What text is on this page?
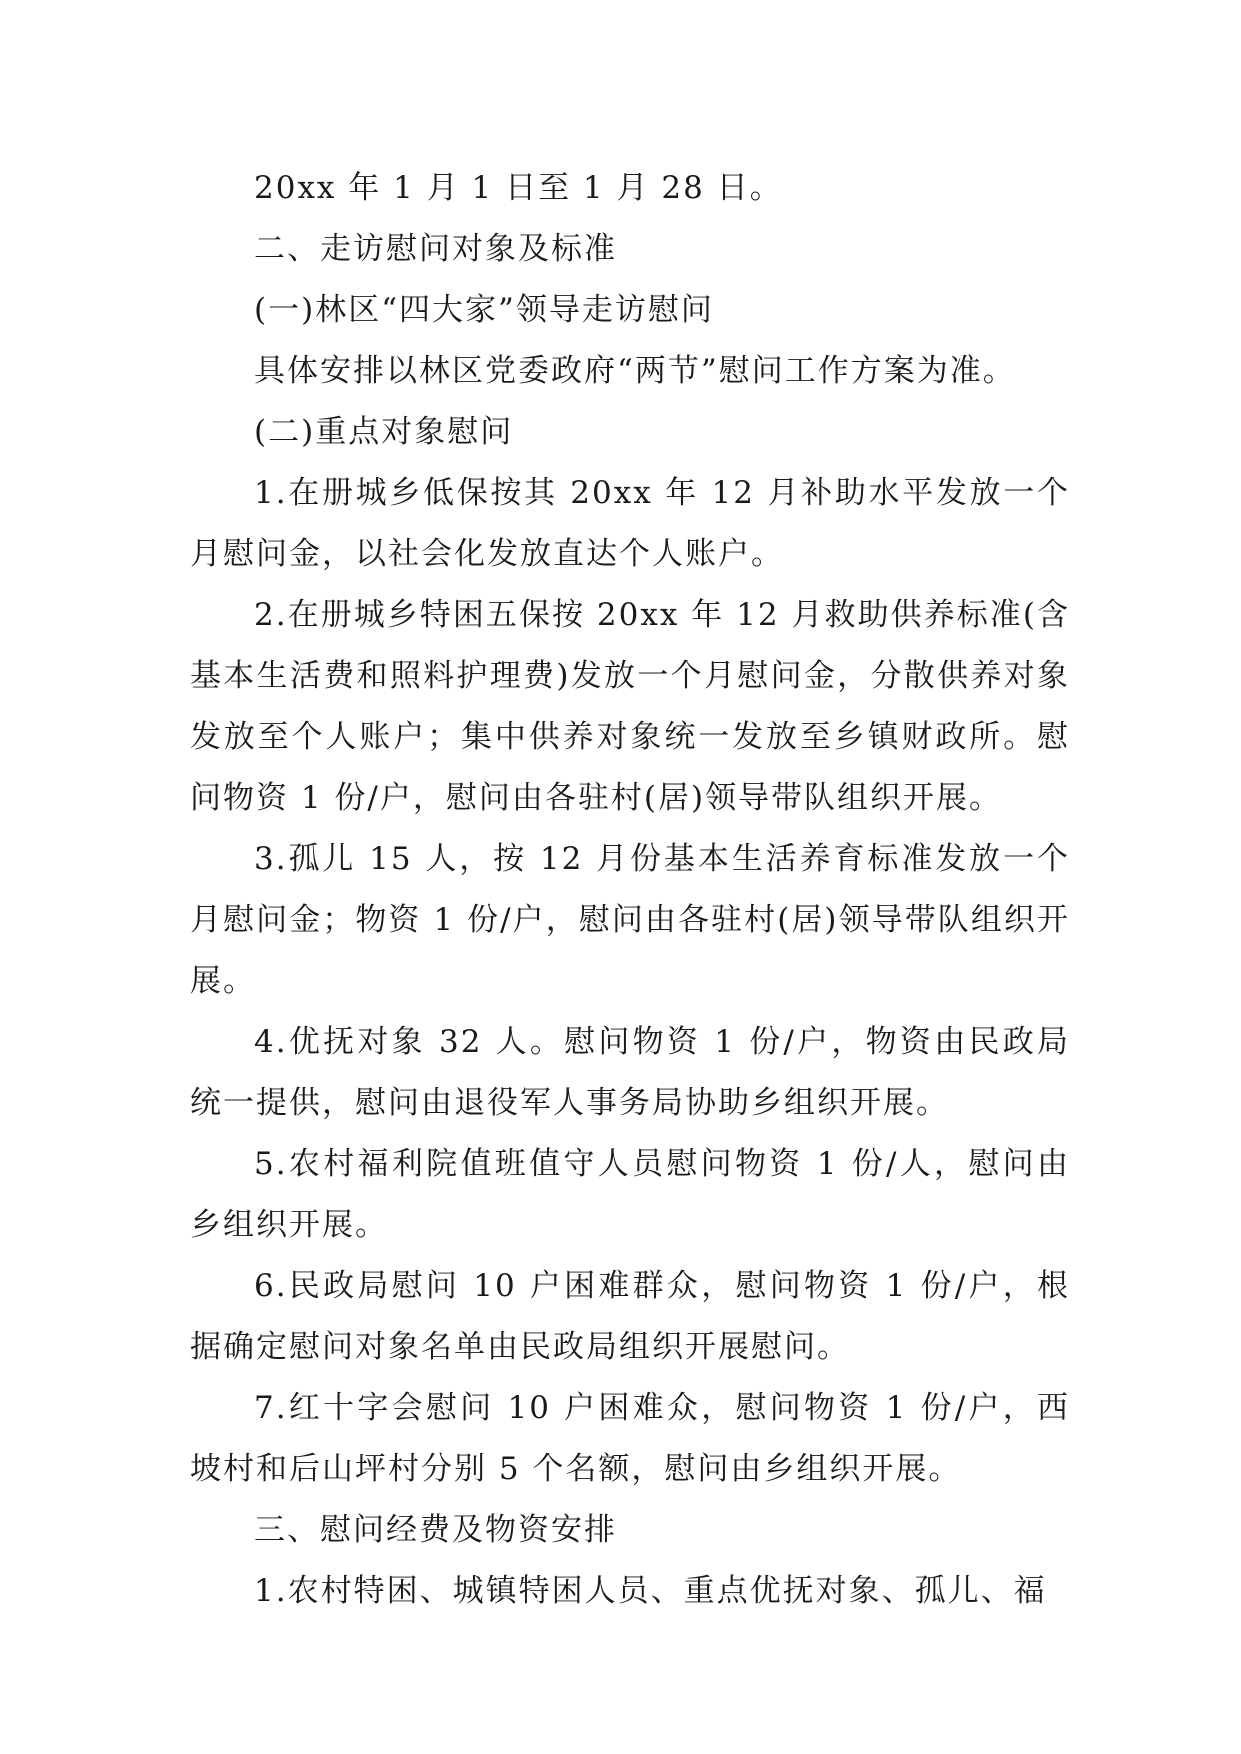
20xx 年 1 月 1 日至 1 月 28 日。

二、走访慰问对象及标准

(一)林区“四大家”领导走访慰问

具体安排以林区党委政府“两节”慰问工作方案为准。

(二)重点对象慰问

1.在册城乡低保按其 20xx 年 12 月补助水平发放一个月慰问金，以社会化发放直达个人账户。

2.在册城乡特困五保按 20xx 年 12 月救助供养标准(含基本生活费和照料护理费)发放一个月慰问金，分散供养对象发放至个人账户；集中供养对象统一发放至乡镇财政所。慰问物资 1 份/户，慰问由各驻村(居)领导带队组织开展。

3.孤儿 15 人，按 12 月份基本生活养育标准发放一个月慰问金；物资 1 份/户，慰问由各驻村(居)领导带队组织开展。

4.优抚对象 32 人。慰问物资 1 份/户，物资由民政局统一提供，慰问由退役军人事务局协助乡组织开展。

5.农村福利院值班值守人员慰问物资 1 份/人，慰问由乡组织开展。

6.民政局慰问 10 户困难群众，慰问物资 1 份/户，根据确定慰问对象名单由民政局组织开展慰问。

7.红十字会慰问 10 户困难众，慰问物资 1 份/户，西坡村和后山坪村分别 5 个名额，慰问由乡组织开展。

三、慰问经费及物资安排

1.农村特困、城镇特困人员、重点优抚对象、孤儿、福
